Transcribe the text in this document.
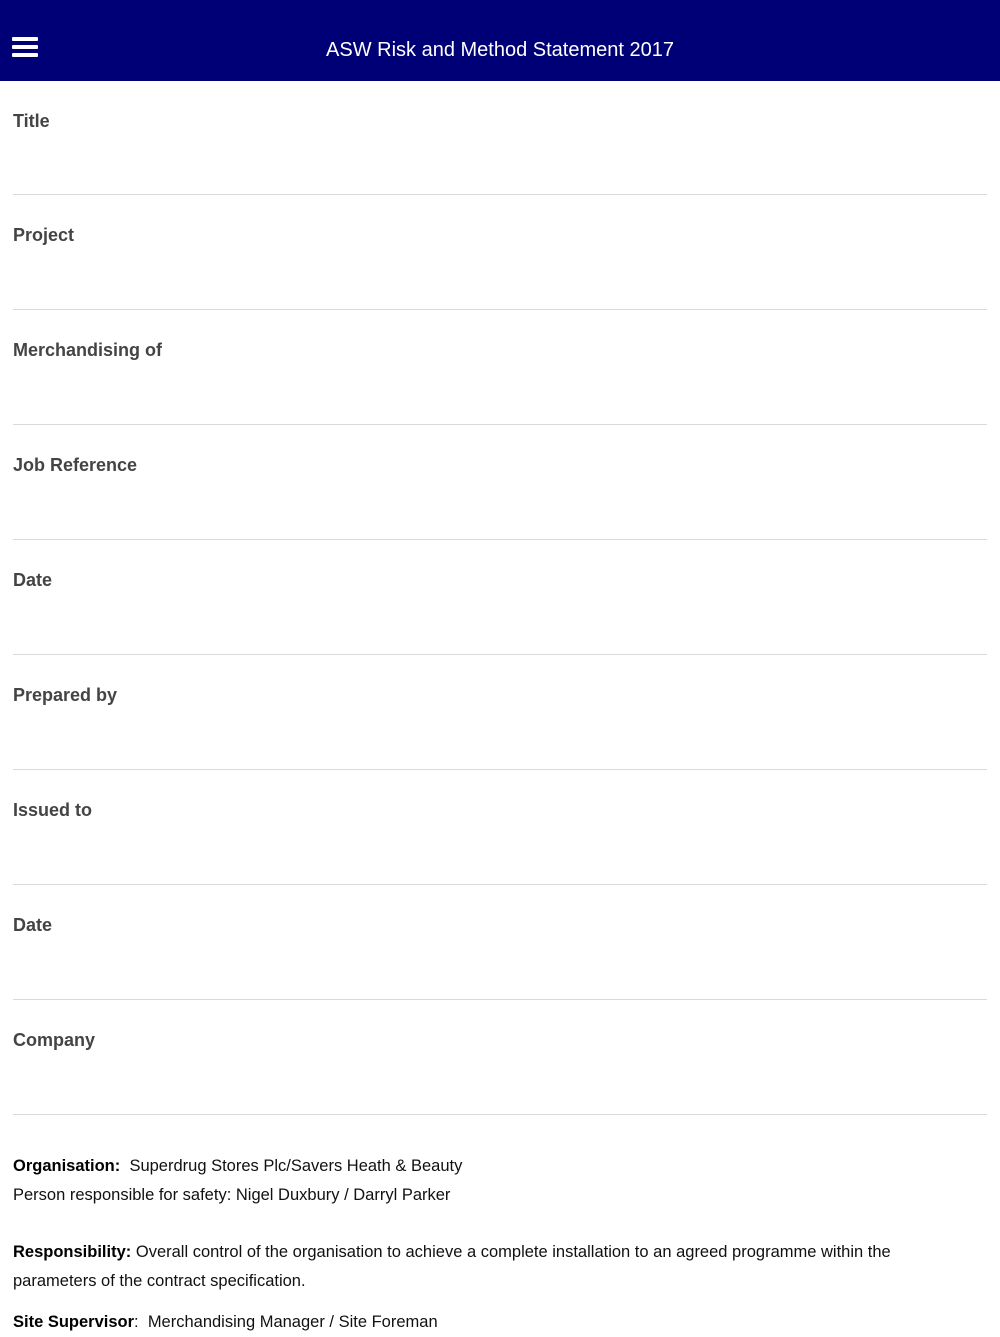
ASW Risk and Method Statement 2017
Title
Project
Merchandising of
Job Reference
Date
Prepared by
Issued to
Date
Company

Organisation: Superdrug Stores Plc/Savers Heath & Beauty

Person responsible for safety: Nigel Duxbury / Darryl Parker

Responsibility: Overall control of the organisation to achieve a complete installation to an agreed programme within the parameters of the contract specification.

Site Supervisor:  Merchandising Manager / Site Foreman
